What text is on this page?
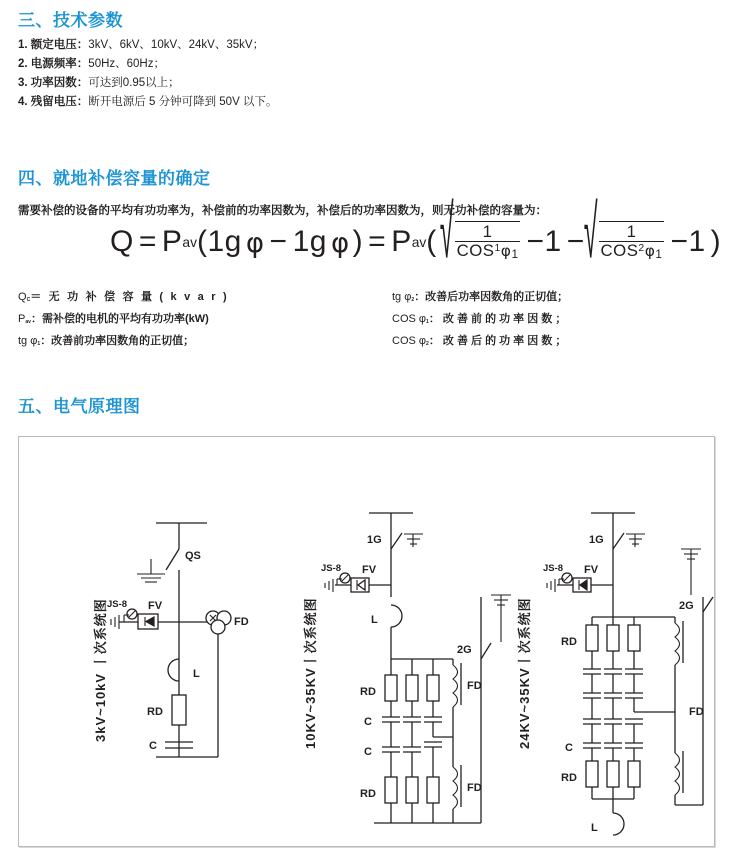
三、技术参数
1. 额定电压：3kV、6kV、10kV、24kV、35kV；
2. 电源频率：50Hz、60Hz；
3. 功率因数：可达到0.95以上；
4. 残留电压：断开电源后 5 分钟可降到 50V 以下。
四、就地补偿容量的确定
需要补偿的设备的平均有功功率为，补偿前的功率因数为，补偿后的功率因数为，则无功补偿的容量为：
Q = P av ( 1g φ − 1g φ ) = P av ( √ $\frac{1}{COS^1\varphi 1} -1$ −
√ $\frac{1}{COS^2\varphi 1} -1$ )
QC＝ 无 功 补 偿 容 量 ( k v a r )
Pav：需补偿的电机的平均有功功率(kW)
tg φ1：改善前功率因数角的正切值；
tg φ2：改善后功率因数角的正切值；
COS φ1： 改 善 前 的 功 率 因 数 ；
COS φ2： 改 善 后 的 功 率 因 数 ；
五、电气原理图
3kV~10kV 丨次系统图
QS
JS-8 FV
FD
L
RD
C	10KV~35KV丨次系统图
1G
JS-8 FV
L
RD
C
C
RD
FD
FD
2G	24KV~35KV丨次系统图
1G
JS-8 FV
RD
C
RD
L
FD
2G
